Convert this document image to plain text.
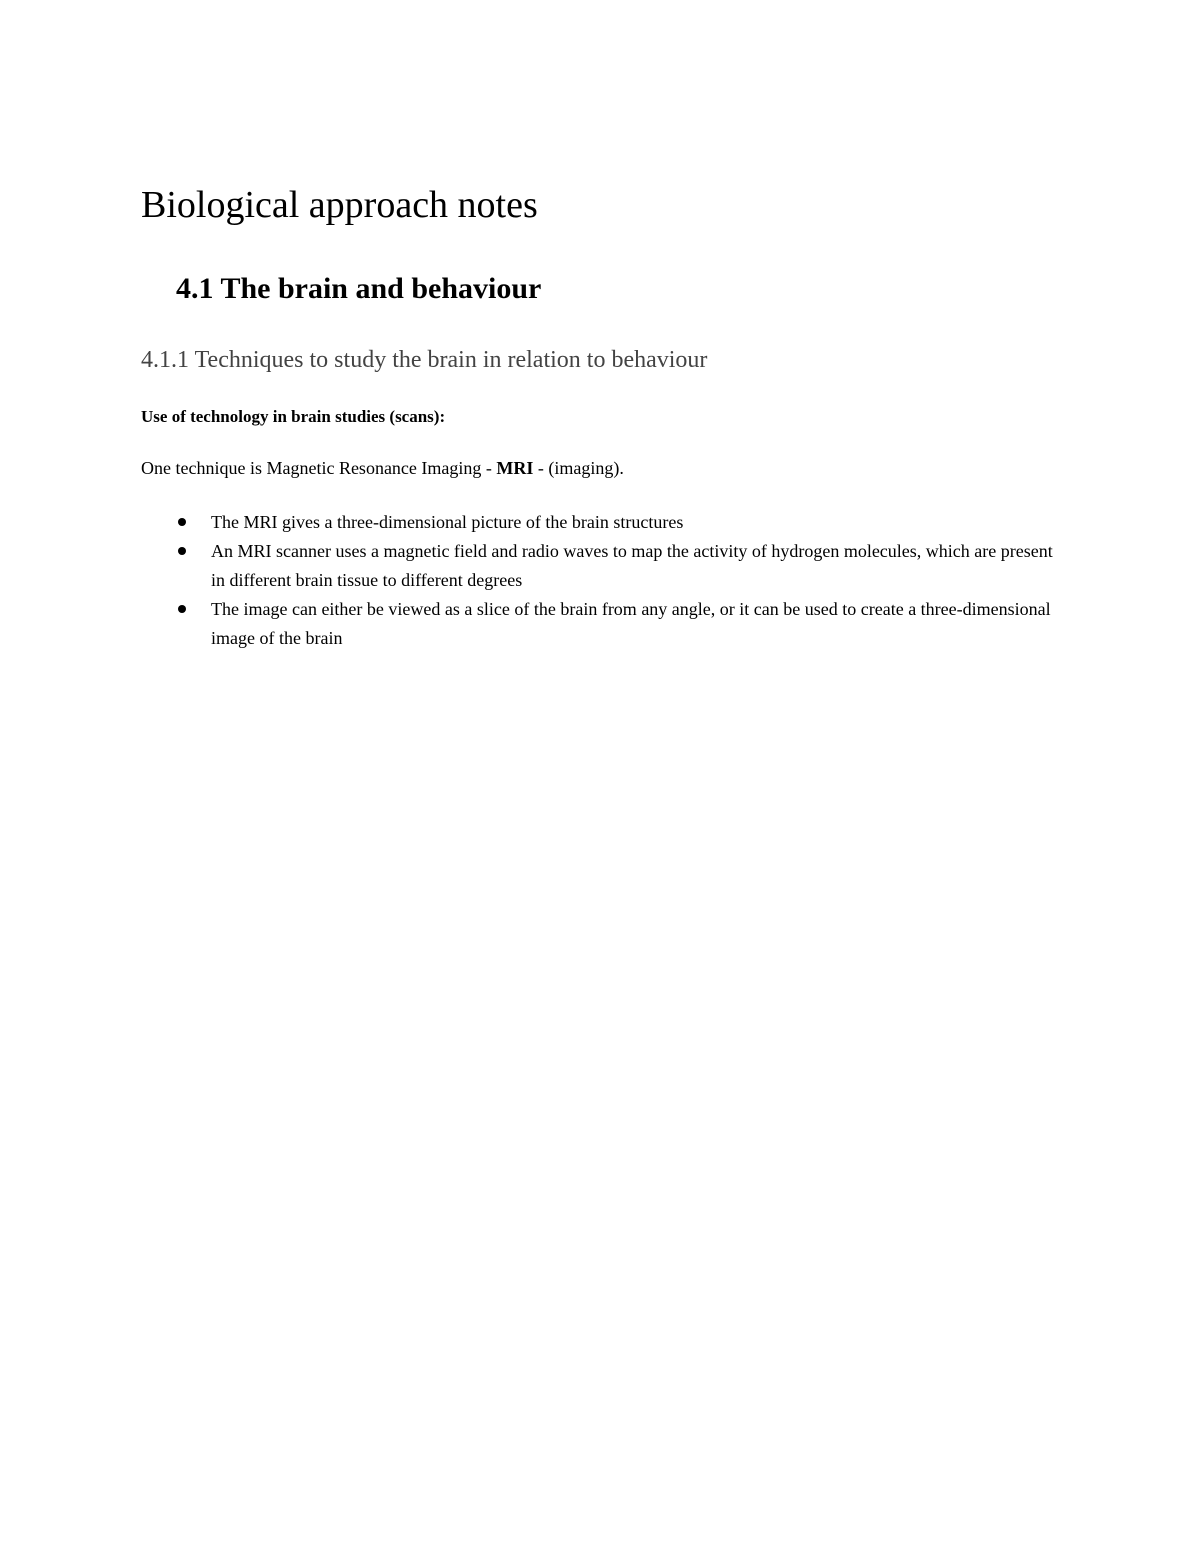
Biological approach notes
4.1 The brain and behaviour
4.1.1 Techniques to study the brain in relation to behaviour
Use of technology in brain studies (scans):

One technique is Magnetic Resonance Imaging - MRI - (imaging).

The MRI gives a three-dimensional picture of the brain structures
An MRI scanner uses a magnetic field and radio waves to map the activity of hydrogen molecules, which are present in different brain tissue to different degrees
The image can either be viewed as a slice of the brain from any angle, or it can be used to create a three-dimensional image of the brain
